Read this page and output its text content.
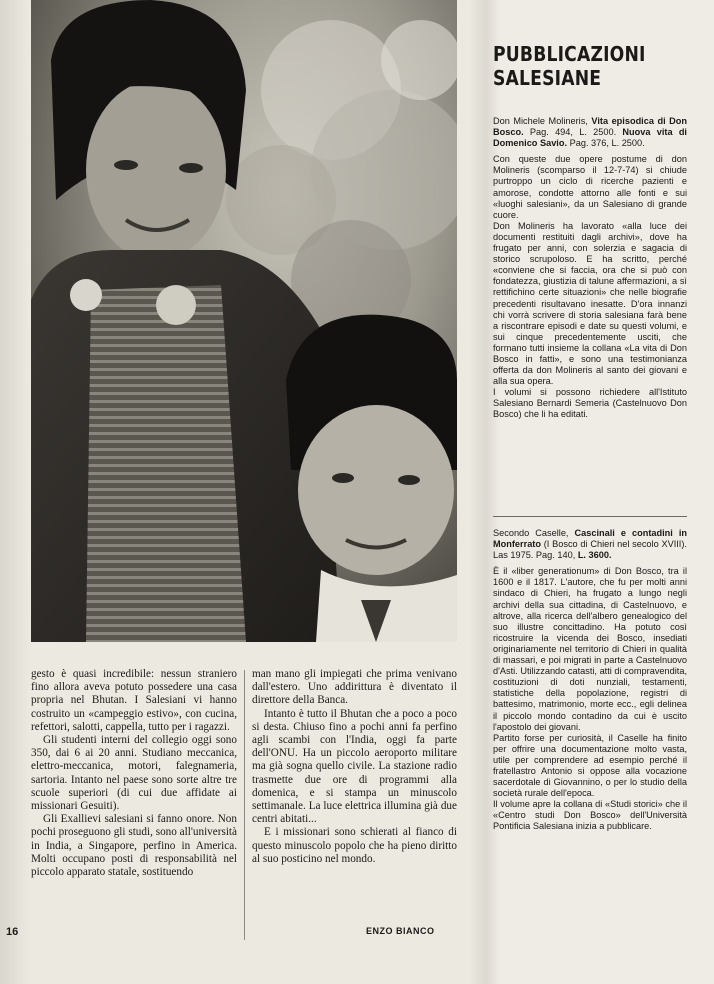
gesto è quasi incredibile: nessun straniero fino allora aveva potuto possedere una casa propria nel Bhutan. I Salesiani vi hanno costruito un «campeggio estivo», con cucina, refettori, salotti, cappella, tutto per i ragazzi.

Gli studenti interni del collegio oggi sono 350, dai 6 ai 20 anni. Studiano meccanica, elettro-meccanica, motori, falegnameria, sartoria. Intanto nel paese sono sorte altre tre scuole superiori (di cui due affidate ai missionari Gesuiti).

Gli Exallievi salesiani si fanno onore. Non pochi proseguono gli studi, sono all'università in India, a Singapore, perfino in America. Molti occupano posti di responsabilità nel piccolo apparato statale, sostituendo

man mano gli impiegati che prima venivano dall'estero. Uno addirittura è diventato il direttore della Banca.

Intanto è tutto il Bhutan che a poco a poco si desta. Chiuso fino a pochi anni fa perfino agli scambi con l'India, oggi fa parte dell'ONU. Ha un piccolo aeroporto militare ma già sogna quello civile. La stazione radio trasmette due ore di programmi alla domenica, e si stampa un minuscolo settimanale. La luce elettrica illumina già due centri abitati...

E i missionari sono schierati al fianco di questo minuscolo popolo che ha pieno diritto al suo posticino nel mondo.

16	ENZO BIANCO
PUBBLICAZIONI
SALESIANE

Don Michele Molineris, Vita episodica di Don Bosco. Pag. 494, L. 2500. Nuova vita di Domenico Savio. Pag. 376, L. 2500.

Con queste due opere postume di don Molineris (scomparso il 12-7-74) si chiude purtroppo un ciclo di ricerche pazienti e amorose, condotte attorno alle fonti e sui «luoghi salesiani», da un Salesiano di grande cuore.

Don Molineris ha lavorato «alla luce dei documenti restituiti dagli archivi», dove ha frugato per anni, con solerzia e sagacia di storico scrupoloso. E ha scritto, perché «conviene che si faccia, ora che si può con fondatezza, giustizia di talune affermazioni, a sì rettifichino certe situazioni» che nelle biografie precedenti risultavano inesatte. D'ora innanzi chi vorrà scrivere di storia salesiana farà bene a riscontrare episodi e date su questi volumi, e sui cinque precedentemente usciti, che formano tutti insieme la collana «La vita di Don Bosco in fatti», e sono una testimonianza offerta da don Molineris al santo dei giovani e alla sua opera.

I volumi si possono richiedere all'Istituto Salesiano Bernardi Semeria (Castelnuovo Don Bosco) che li ha editati.

Secondo Caselle, Cascinali e contadini in Monferrato (I Bosco di Chieri nel secolo XVIII). Las 1975. Pag. 140, L. 3600.

È il «liber generationum» di Don Bosco, tra il 1600 e il 1817. L'autore, che fu per molti anni sindaco di Chieri, ha frugato a lungo negli archivi della sua cittadina, di Castelnuovo, e altrove, alla ricerca dell'albero genealogico del suo illustre concittadino. Ha potuto così ricostruire la vicenda dei Bosco, insediati originariamente nel territorio di Chieri in qualità di massari, e poi migrati in parte a Castelnuovo d'Asti. Utilizzando catasti, atti di compravendita, costituzioni di doti nunziali, testamenti, statistiche della popolazione, registri di battesimo, matrimonio, morte ecc., egli delinea il piccolo mondo contadino da cui è uscito l'apostolo dei giovani.

Partito forse per curiosità, il Caselle ha finito per offrire una documentazione molto vasta, utile per comprendere ad esempio perché il fratellastro Antonio si oppose alla vocazione sacerdotale di Giovannino, o per lo studio della società rurale dell'epoca.

Il volume apre la collana di «Studi storici» che il «Centro studi Don Bosco» dell'Università Pontificia Salesiana inizia a pubblicare.
